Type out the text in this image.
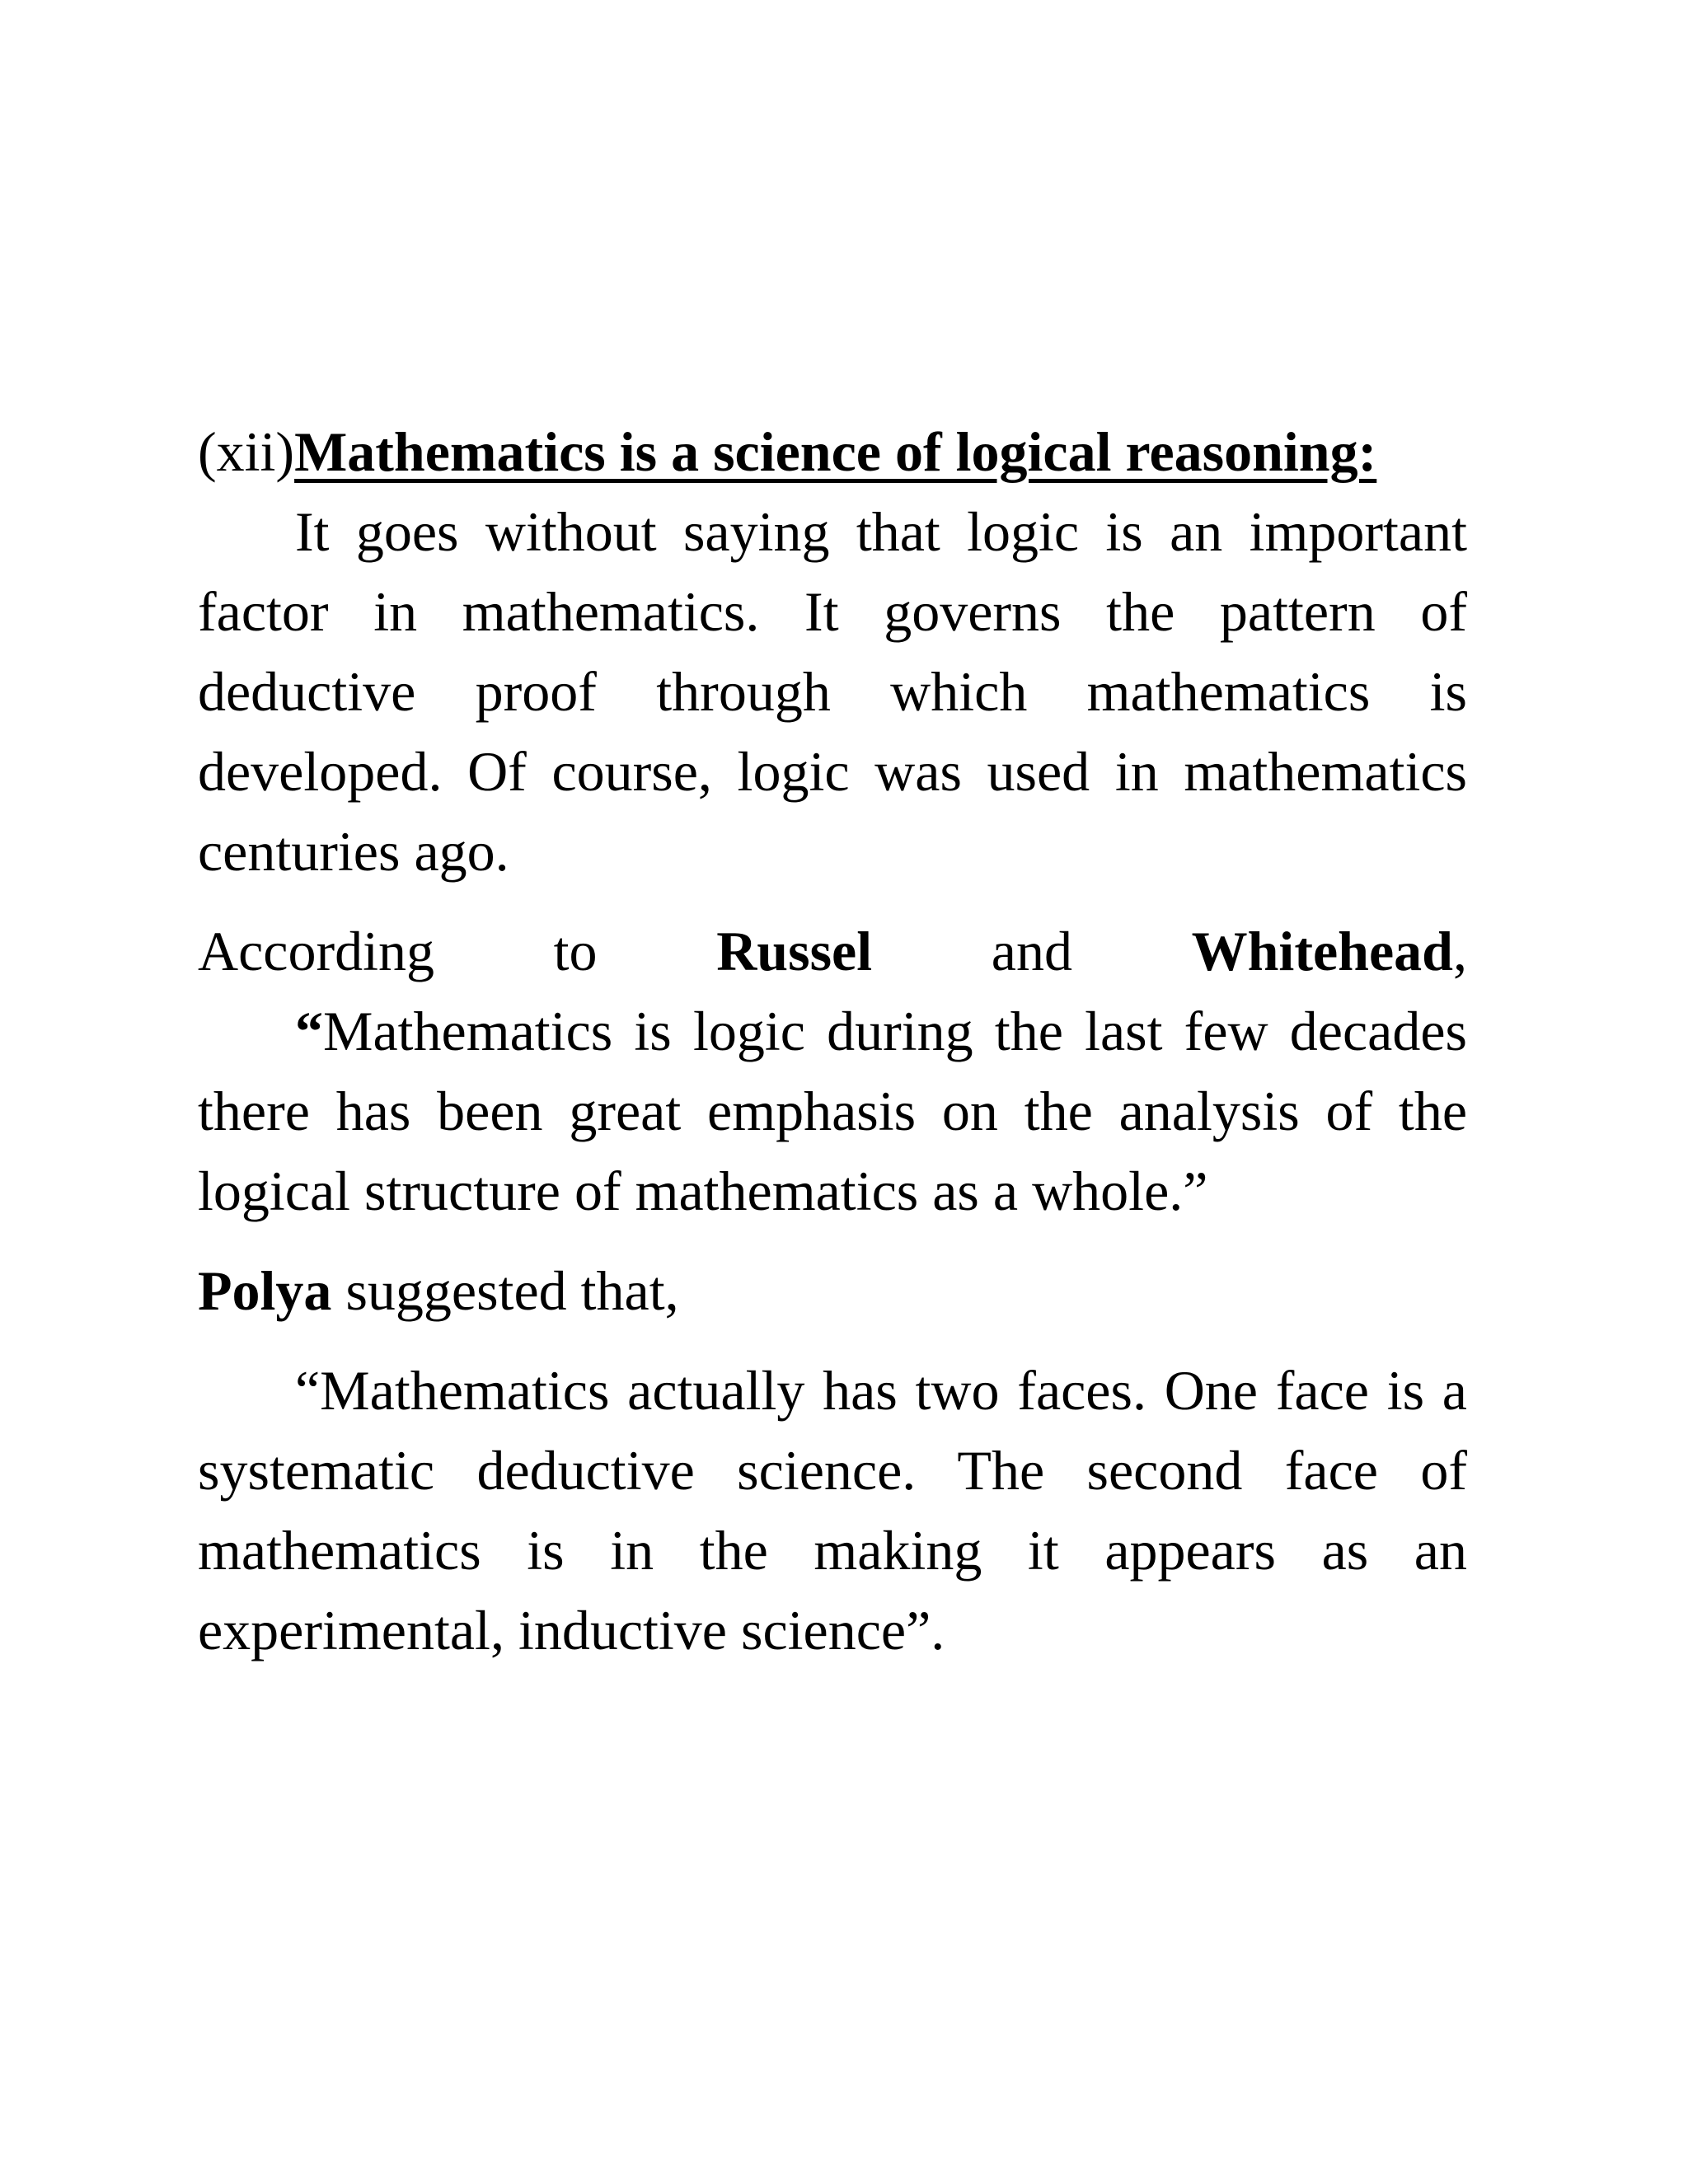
(xii)Mathematics is a science of logical reasoning:

It goes without saying that logic is an important factor in mathematics. It governs the pattern of deductive proof through which mathematics is developed. Of course, logic was used in mathematics centuries ago.

According to Russel and Whitehead,

“Mathematics is logic during the last few decades there has been great emphasis on the analysis of the logical structure of mathematics as a whole.”

Polya suggested that,

“Mathematics actually has two faces. One face is a systematic deductive science. The second face of mathematics is in the making it appears as an experimental, inductive science”.
